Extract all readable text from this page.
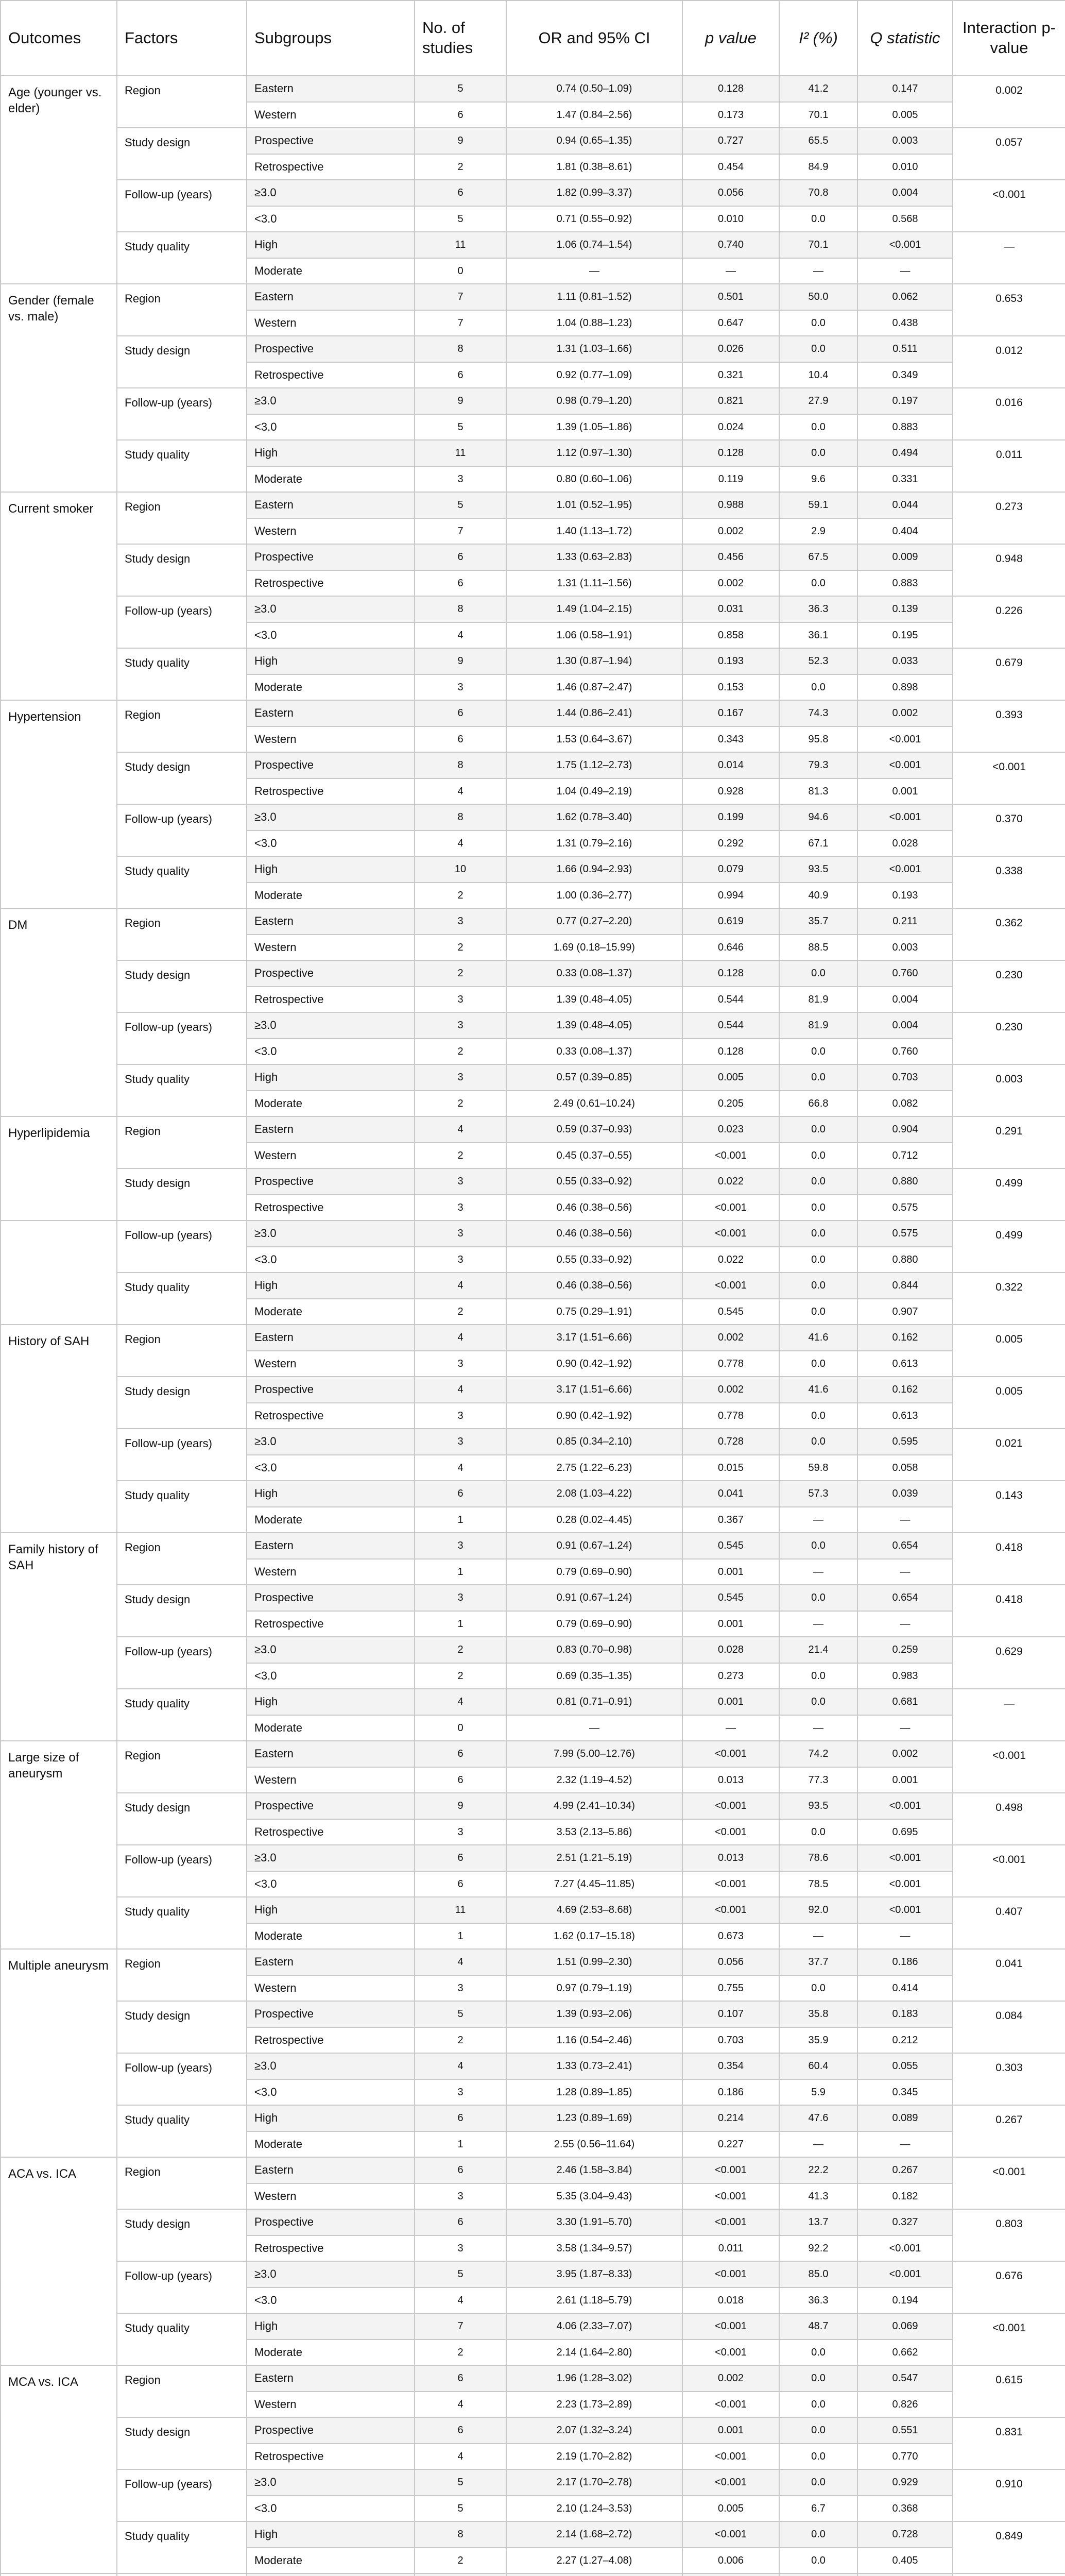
Outcomes	Factors	Subgroups	No. of studies	OR and 95% CI	p value	I² (%)	Q statistic	Interaction p-value
Age (younger vs. elder)	Region	Eastern	5	0.74 (0.50–1.09)	0.128	41.2	0.147	0.002
		Western	6	1.47 (0.84–2.56)	0.173	70.1	0.005	
	Study design	Prospective	9	0.94 (0.65–1.35)	0.727	65.5	0.003	0.057
		Retrospective	2	1.81 (0.38–8.61)	0.454	84.9	0.010	
	Follow-up (years)	≥3.0	6	1.82 (0.99–3.37)	0.056	70.8	0.004	<0.001
		<3.0	5	0.71 (0.55–0.92)	0.010	0.0	0.568	
	Study quality	High	11	1.06 (0.74–1.54)	0.740	70.1	<0.001	—
		Moderate	0	—	—	—	—	
Gender (female vs. male)	Region	Eastern	7	1.11 (0.81–1.52)	0.501	50.0	0.062	0.653
		Western	7	1.04 (0.88–1.23)	0.647	0.0	0.438	
	Study design	Prospective	8	1.31 (1.03–1.66)	0.026	0.0	0.511	0.012
		Retrospective	6	0.92 (0.77–1.09)	0.321	10.4	0.349	
	Follow-up (years)	≥3.0	9	0.98 (0.79–1.20)	0.821	27.9	0.197	0.016
		<3.0	5	1.39 (1.05–1.86)	0.024	0.0	0.883	
	Study quality	High	11	1.12 (0.97–1.30)	0.128	0.0	0.494	0.011
		Moderate	3	0.80 (0.60–1.06)	0.119	9.6	0.331	
Current smoker	Region	Eastern	5	1.01 (0.52–1.95)	0.988	59.1	0.044	0.273
		Western	7	1.40 (1.13–1.72)	0.002	2.9	0.404	
	Study design	Prospective	6	1.33 (0.63–2.83)	0.456	67.5	0.009	0.948
		Retrospective	6	1.31 (1.11–1.56)	0.002	0.0	0.883	
	Follow-up (years)	≥3.0	8	1.49 (1.04–2.15)	0.031	36.3	0.139	0.226
		<3.0	4	1.06 (0.58–1.91)	0.858	36.1	0.195	
	Study quality	High	9	1.30 (0.87–1.94)	0.193	52.3	0.033	0.679
		Moderate	3	1.46 (0.87–2.47)	0.153	0.0	0.898	
Hypertension	Region	Eastern	6	1.44 (0.86–2.41)	0.167	74.3	0.002	0.393
		Western	6	1.53 (0.64–3.67)	0.343	95.8	<0.001	
	Study design	Prospective	8	1.75 (1.12–2.73)	0.014	79.3	<0.001	<0.001
		Retrospective	4	1.04 (0.49–2.19)	0.928	81.3	0.001	
	Follow-up (years)	≥3.0	8	1.62 (0.78–3.40)	0.199	94.6	<0.001	0.370
		<3.0	4	1.31 (0.79–2.16)	0.292	67.1	0.028	
	Study quality	High	10	1.66 (0.94–2.93)	0.079	93.5	<0.001	0.338
		Moderate	2	1.00 (0.36–2.77)	0.994	40.9	0.193	
DM	Region	Eastern	3	0.77 (0.27–2.20)	0.619	35.7	0.211	0.362
		Western	2	1.69 (0.18–15.99)	0.646	88.5	0.003	
	Study design	Prospective	2	0.33 (0.08–1.37)	0.128	0.0	0.760	0.230
		Retrospective	3	1.39 (0.48–4.05)	0.544	81.9	0.004	
	Follow-up (years)	≥3.0	3	1.39 (0.48–4.05)	0.544	81.9	0.004	0.230
		<3.0	2	0.33 (0.08–1.37)	0.128	0.0	0.760	
	Study quality	High	3	0.57 (0.39–0.85)	0.005	0.0	0.703	0.003
		Moderate	2	2.49 (0.61–10.24)	0.205	66.8	0.082	
Hyperlipidemia	Region	Eastern	4	0.59 (0.37–0.93)	0.023	0.0	0.904	0.291
		Western	2	0.45 (0.37–0.55)	<0.001	0.0	0.712	
	Study design	Prospective	3	0.55 (0.33–0.92)	0.022	0.0	0.880	0.499
		Retrospective	3	0.46 (0.38–0.56)	<0.001	0.0	0.575	
	Follow-up (years)	≥3.0	3	0.46 (0.38–0.56)	<0.001	0.0	0.575	0.499
		<3.0	3	0.55 (0.33–0.92)	0.022	0.0	0.880	
	Study quality	High	4	0.46 (0.38–0.56)	<0.001	0.0	0.844	0.322
		Moderate	2	0.75 (0.29–1.91)	0.545	0.0	0.907	
History of SAH	Region	Eastern	4	3.17 (1.51–6.66)	0.002	41.6	0.162	0.005
		Western	3	0.90 (0.42–1.92)	0.778	0.0	0.613	
	Study design	Prospective	4	3.17 (1.51–6.66)	0.002	41.6	0.162	0.005
		Retrospective	3	0.90 (0.42–1.92)	0.778	0.0	0.613	
	Follow-up (years)	≥3.0	3	0.85 (0.34–2.10)	0.728	0.0	0.595	0.021
		<3.0	4	2.75 (1.22–6.23)	0.015	59.8	0.058	
	Study quality	High	6	2.08 (1.03–4.22)	0.041	57.3	0.039	0.143
		Moderate	1	0.28 (0.02–4.45)	0.367	—	—	
Family history of SAH	Region	Eastern	3	0.91 (0.67–1.24)	0.545	0.0	0.654	0.418
		Western	1	0.79 (0.69–0.90)	0.001	—	—	
	Study design	Prospective	3	0.91 (0.67–1.24)	0.545	0.0	0.654	0.418
		Retrospective	1	0.79 (0.69–0.90)	0.001	—	—	
	Follow-up (years)	≥3.0	2	0.83 (0.70–0.98)	0.028	21.4	0.259	0.629
		<3.0	2	0.69 (0.35–1.35)	0.273	0.0	0.983	
	Study quality	High	4	0.81 (0.71–0.91)	0.001	0.0	0.681	—
		Moderate	0	—	—	—	—	
Large size of aneurysm	Region	Eastern	6	7.99 (5.00–12.76)	<0.001	74.2	0.002	<0.001
		Western	6	2.32 (1.19–4.52)	0.013	77.3	0.001	
	Study design	Prospective	9	4.99 (2.41–10.34)	<0.001	93.5	<0.001	0.498
		Retrospective	3	3.53 (2.13–5.86)	<0.001	0.0	0.695	
	Follow-up (years)	≥3.0	6	2.51 (1.21–5.19)	0.013	78.6	<0.001	<0.001
		<3.0	6	7.27 (4.45–11.85)	<0.001	78.5	<0.001	
	Study quality	High	11	4.69 (2.53–8.68)	<0.001	92.0	<0.001	0.407
		Moderate	1	1.62 (0.17–15.18)	0.673	—	—	
Multiple aneurysm	Region	Eastern	4	1.51 (0.99–2.30)	0.056	37.7	0.186	0.041
		Western	3	0.97 (0.79–1.19)	0.755	0.0	0.414	
	Study design	Prospective	5	1.39 (0.93–2.06)	0.107	35.8	0.183	0.084
		Retrospective	2	1.16 (0.54–2.46)	0.703	35.9	0.212	
	Follow-up (years)	≥3.0	4	1.33 (0.73–2.41)	0.354	60.4	0.055	0.303
		<3.0	3	1.28 (0.89–1.85)	0.186	5.9	0.345	
	Study quality	High	6	1.23 (0.89–1.69)	0.214	47.6	0.089	0.267
		Moderate	1	2.55 (0.56–11.64)	0.227	—	—	
ACA vs. ICA	Region	Eastern	6	2.46 (1.58–3.84)	<0.001	22.2	0.267	<0.001
		Western	3	5.35 (3.04–9.43)	<0.001	41.3	0.182	
	Study design	Prospective	6	3.30 (1.91–5.70)	<0.001	13.7	0.327	0.803
		Retrospective	3	3.58 (1.34–9.57)	0.011	92.2	<0.001	
	Follow-up (years)	≥3.0	5	3.95 (1.87–8.33)	<0.001	85.0	<0.001	0.676
		<3.0	4	2.61 (1.18–5.79)	0.018	36.3	0.194	
	Study quality	High	7	4.06 (2.33–7.07)	<0.001	48.7	0.069	<0.001
		Moderate	2	2.14 (1.64–2.80)	<0.001	0.0	0.662	
MCA vs. ICA	Region	Eastern	6	1.96 (1.28–3.02)	0.002	0.0	0.547	0.615
		Western	4	2.23 (1.73–2.89)	<0.001	0.0	0.826	
	Study design	Prospective	6	2.07 (1.32–3.24)	0.001	0.0	0.551	0.831
		Retrospective	4	2.19 (1.70–2.82)	<0.001	0.0	0.770	
	Follow-up (years)	≥3.0	5	2.17 (1.70–2.78)	<0.001	0.0	0.929	0.910
		<3.0	5	2.10 (1.24–3.53)	0.005	6.7	0.368	
	Study quality	High	8	2.14 (1.68–2.72)	<0.001	0.0	0.728	0.849
		Moderate	2	2.27 (1.27–4.08)	0.006	0.0	0.405	
